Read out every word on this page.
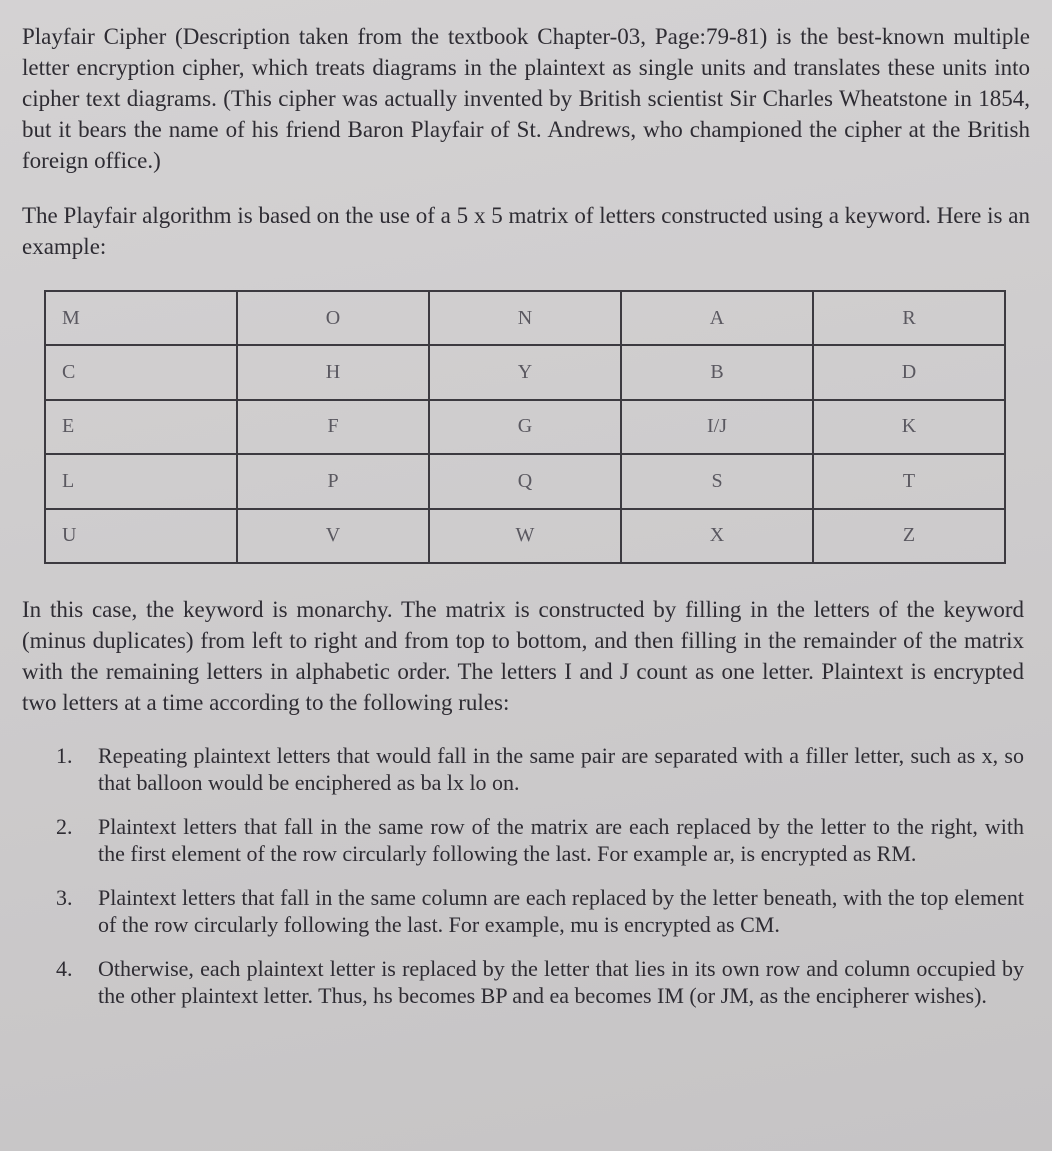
Playfair Cipher (Description taken from the textbook Chapter-03, Page:79-81) is the best-known multiple letter encryption cipher, which treats diagrams in the plaintext as single units and translates these units into cipher text diagrams. (This cipher was actually invented by British scientist Sir Charles Wheatstone in 1854, but it bears the name of his friend Baron Playfair of St. Andrews, who championed the cipher at the British foreign office.)

The Playfair algorithm is based on the use of a 5 x 5 matrix of letters constructed using a keyword. Here is an example:

M	O	N	A	R
C	H	Y	B	D
E	F	G	I/J	K
L	P	Q	S	T
U	V	W	X	Z

In this case, the keyword is monarchy. The matrix is constructed by filling in the letters of the keyword (minus duplicates) from left to right and from top to bottom, and then filling in the remainder of the matrix with the remaining letters in alphabetic order. The letters I and J count as one letter. Plaintext is encrypted two letters at a time according to the following rules:

1.	Repeating plaintext letters that would fall in the same pair are separated with a filler letter, such as x, so that balloon would be enciphered as ba lx lo on.
2.	Plaintext letters that fall in the same row of the matrix are each replaced by the letter to the right, with the first element of the row circularly following the last. For example ar, is encrypted as RM.
3.	Plaintext letters that fall in the same column are each replaced by the letter beneath, with the top element of the row circularly following the last. For example, mu is encrypted as CM.
4.	Otherwise, each plaintext letter is replaced by the letter that lies in its own row and column occupied by the other plaintext letter. Thus, hs becomes BP and ea becomes IM (or JM, as the encipherer wishes).
